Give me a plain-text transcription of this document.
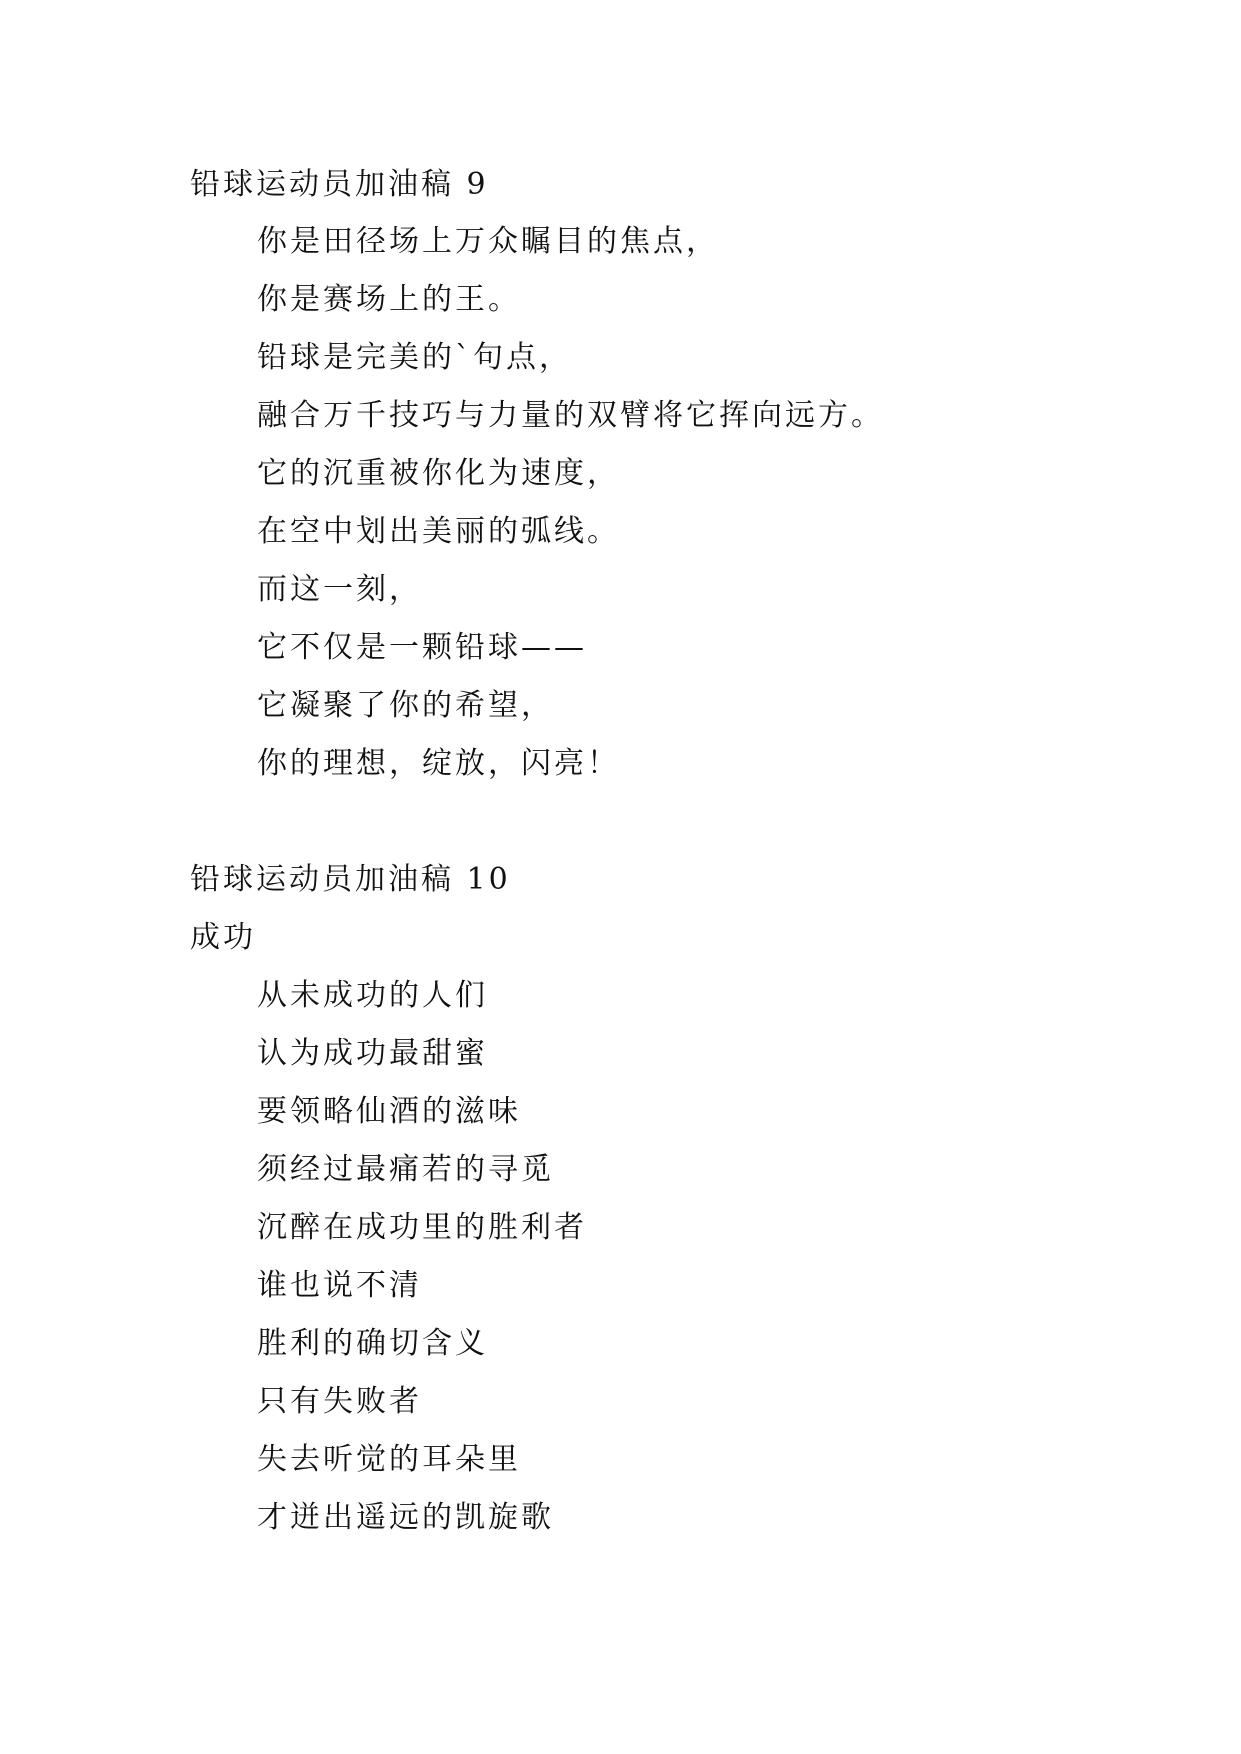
铅球运动员加油稿 9
你是田径场上万众瞩目的焦点，
你是赛场上的王。
铅球是完美的`句点，
融合万千技巧与力量的双臂将它挥向远方。
它的沉重被你化为速度，
在空中划出美丽的弧线。
而这一刻，
它不仅是一颗铅球——
它凝聚了你的希望，
你的理想，绽放，闪亮！
铅球运动员加油稿 10
成功
从未成功的人们
认为成功最甜蜜
要领略仙酒的滋味
须经过最痛若的寻觅
沉醉在成功里的胜利者
谁也说不清
胜利的确切含义
只有失败者
失去听觉的耳朵里
才迸出遥远的凯旋歌
